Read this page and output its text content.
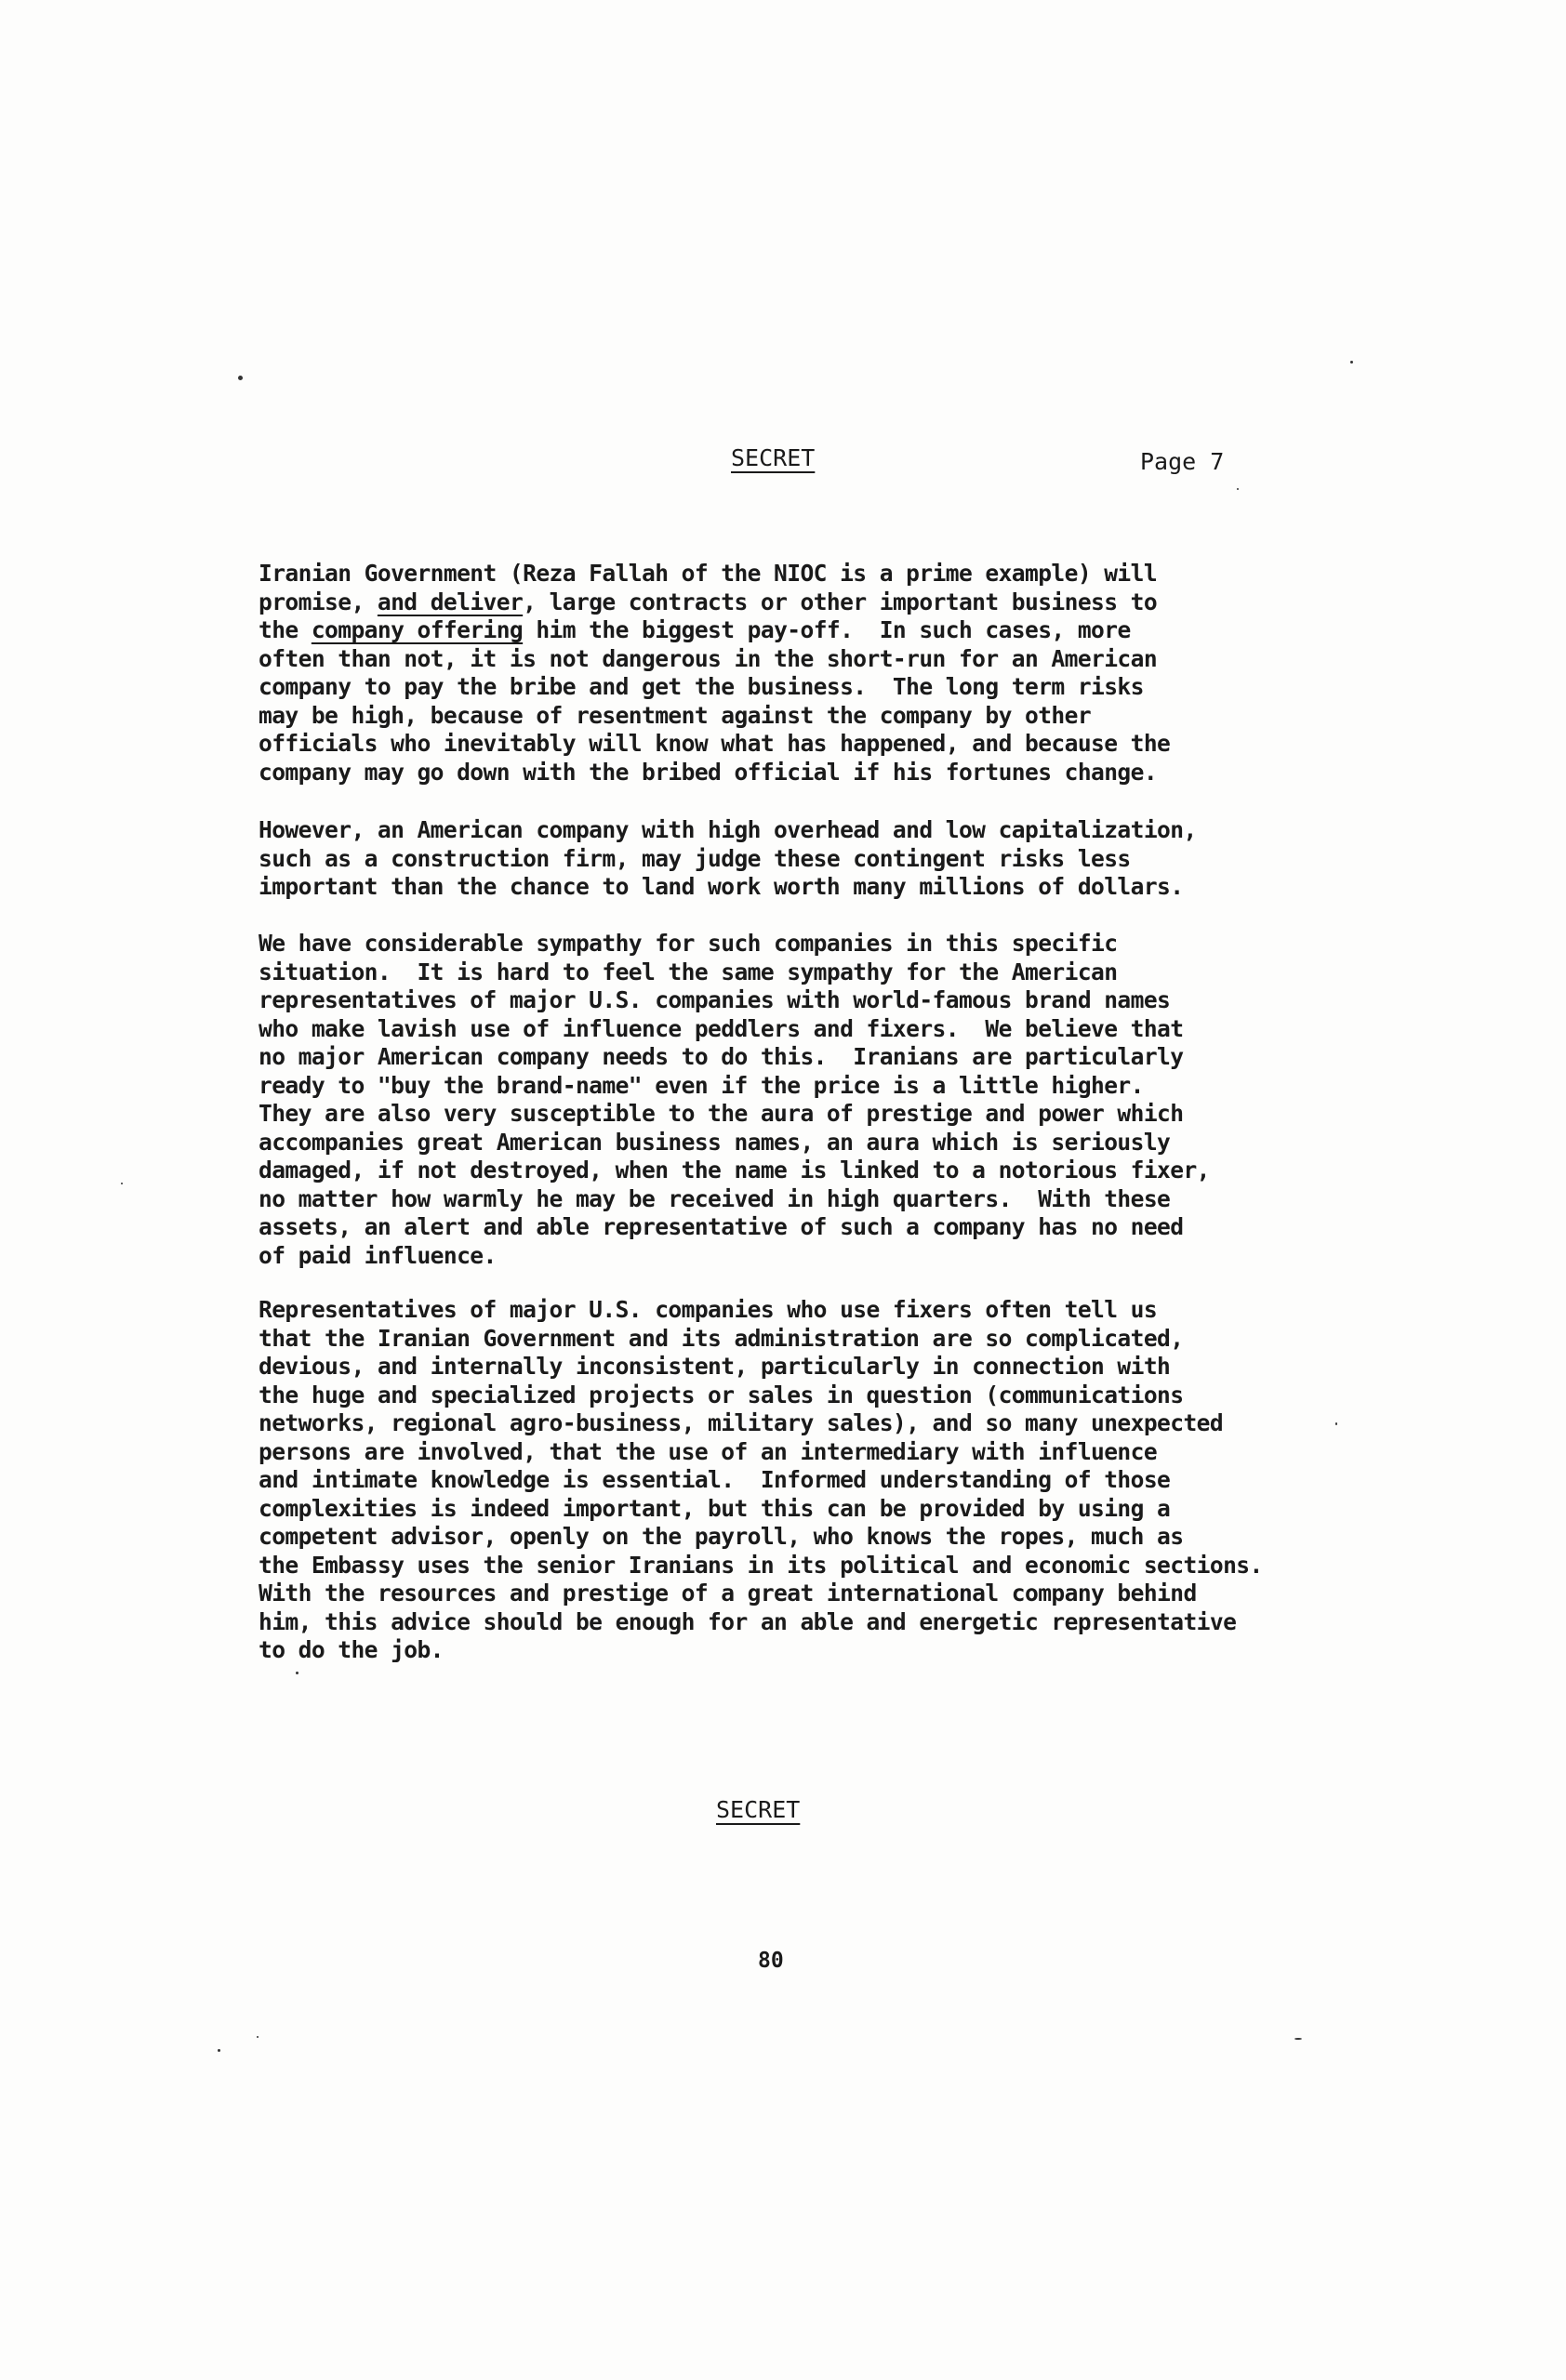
SECRET	Page 7
Iranian Government (Reza Fallah of the NIOC is a prime example) will
promise, and deliver, large contracts or other important business to
the company offering him the biggest pay-off.  In such cases, more
often than not, it is not dangerous in the short-run for an American
company to pay the bribe and get the business.  The long term risks
may be high, because of resentment against the company by other
officials who inevitably will know what has happened, and because the
company may go down with the bribed official if his fortunes change.
However, an American company with high overhead and low capitalization,
such as a construction firm, may judge these contingent risks less
important than the chance to land work worth many millions of dollars.
We have considerable sympathy for such companies in this specific
situation.  It is hard to feel the same sympathy for the American
representatives of major U.S. companies with world-famous brand names
who make lavish use of influence peddlers and fixers.  We believe that
no major American company needs to do this.  Iranians are particularly
ready to "buy the brand-name" even if the price is a little higher.
They are also very susceptible to the aura of prestige and power which
accompanies great American business names, an aura which is seriously
damaged, if not destroyed, when the name is linked to a notorious fixer,
no matter how warmly he may be received in high quarters.  With these
assets, an alert and able representative of such a company has no need
of paid influence.
Representatives of major U.S. companies who use fixers often tell us
that the Iranian Government and its administration are so complicated,
devious, and internally inconsistent, particularly in connection with
the huge and specialized projects or sales in question (communications
networks, regional agro-business, military sales), and so many unexpected
persons are involved, that the use of an intermediary with influence
and intimate knowledge is essential.  Informed understanding of those
complexities is indeed important, but this can be provided by using a
competent advisor, openly on the payroll, who knows the ropes, much as
the Embassy uses the senior Iranians in its political and economic sections.
With the resources and prestige of a great international company behind
him, this advice should be enough for an able and energetic representative
to do the job.
SECRET
80
